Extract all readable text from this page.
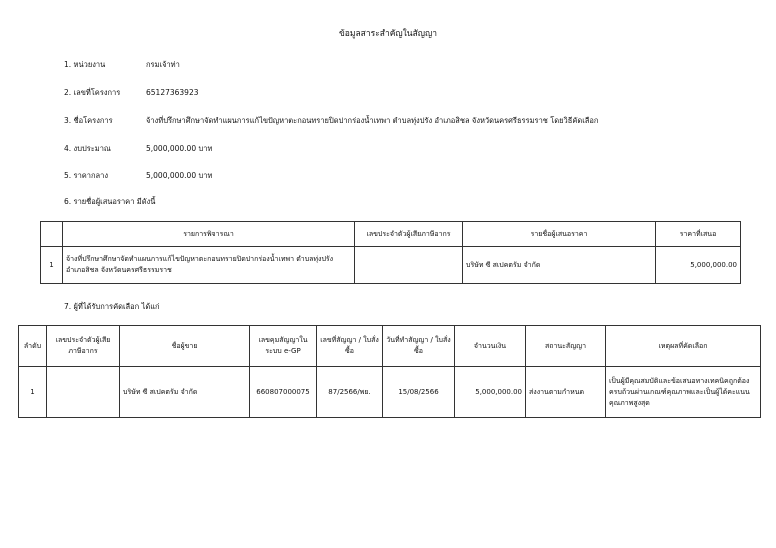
ข้อมูลสาระสำคัญในสัญญา
1. หน่วยงาน	กรมเจ้าท่า
2. เลขที่โครงการ	65127363923
3. ชื่อโครงการ	จ้างที่ปรึกษาศึกษาจัดทำแผนการแก้ไขปัญหาตะกอนทรายปิดปากร่องน้ำเทพา ตำบลทุ่งปรัง อำเภอสิชล จังหวัดนครศรีธรรมราช โดยวิธีคัดเลือก
4. งบประมาณ	5,000,000.00 บาท
5. ราคากลาง	5,000,000.00 บาท
6. รายชื่อผู้เสนอราคา มีดังนี้
	รายการพิจารณา	เลขประจำตัวผู้เสียภาษีอากร	รายชื่อผู้เสนอราคา	ราคาที่เสนอ
1	จ้างที่ปรึกษาศึกษาจัดทำแผนการแก้ไขปัญหาตะกอนทรายปิดปากร่องน้ำเทพา ตำบลทุ่งปรัง อำเภอสิชล จังหวัดนครศรีธรรมราช		บริษัท ซี สเปคตรัม จำกัด	5,000,000.00
7. ผู้ที่ได้รับการคัดเลือก ได้แก่
ลำดับ	เลขประจำตัวผู้เสียภาษีอากร	ชื่อผู้ขาย	เลขคุมสัญญาในระบบ e-GP	เลขที่สัญญา / ใบสั่งซื้อ	วันที่ทำสัญญา / ใบสั่งซื้อ	จำนวนเงิน	สถานะสัญญา	เหตุผลที่คัดเลือก
1		บริษัท ซี สเปคตรัม จำกัด	660807000075	87/2566/พย.	15/08/2566	5,000,000.00	ส่งงานตามกำหนด	เป็นผู้มีคุณสมบัติและข้อเสนอทางเทคนิคถูกต้องครบถ้วนผ่านเกณฑ์คุณภาพและเป็นผู้ได้คะแนนคุณภาพสูงสุด
